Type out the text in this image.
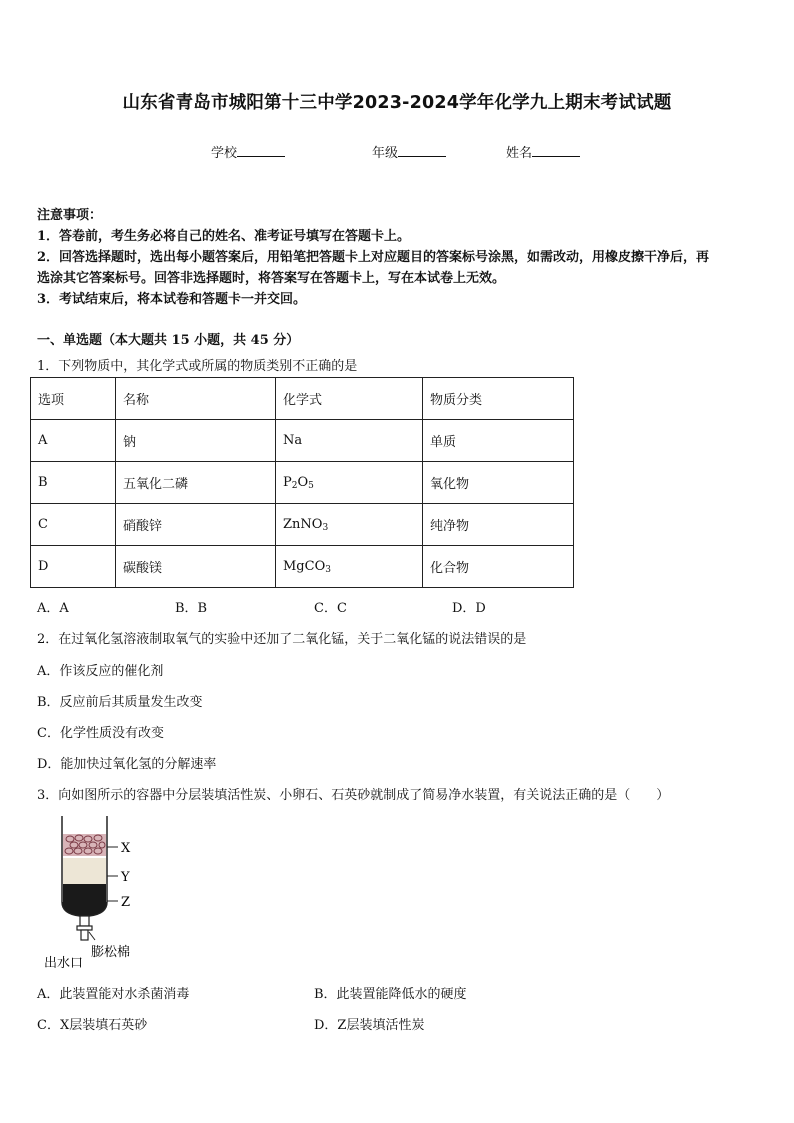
山东省青岛市城阳第十三中学2023-2024学年化学九上期末考试试题
学校	年级	姓名
注意事项：
1．答卷前，考生务必将自己的姓名、准考证号填写在答题卡上。
2．回答选择题时，选出每小题答案后，用铅笔把答题卡上对应题目的答案标号涂黑，如需改动，用橡皮擦干净后，再
选涂其它答案标号。回答非选择题时，将答案写在答题卡上，写在本试卷上无效。
3．考试结束后，将本试卷和答题卡一并交回。
一、单选题（本大题共 15 小题，共 45 分）
1．下列物质中，其化学式或所属的物质类别不正确的是
选项	名称	化学式	物质分类
A	钠	Na	单质
B	五氧化二磷	$P_2O_5$	氧化物
C	硝酸锌	ZnNO$_3$	纯净物
D	碳酸镁	MgCO$_3$	化合物
A．A	B．B	C．C	D．D
2．在过氧化氢溶液制取氧气的实验中还加了二氧化锰，关于二氧化锰的说法错误的是
A．作该反应的催化剂
B．反应前后其质量发生改变
C．化学性质没有改变
D．能加快过氧化氢的分解速率
3．向如图所示的容器中分层装填活性炭、小卵石、石英砂就制成了简易净水装置，有关说法正确的是（　　）
X
Y
Z
膨松棉
出水口
A．此装置能对水杀菌消毒	B．此装置能降低水的硬度
C．X层装填石英砂	D．Z层装填活性炭
